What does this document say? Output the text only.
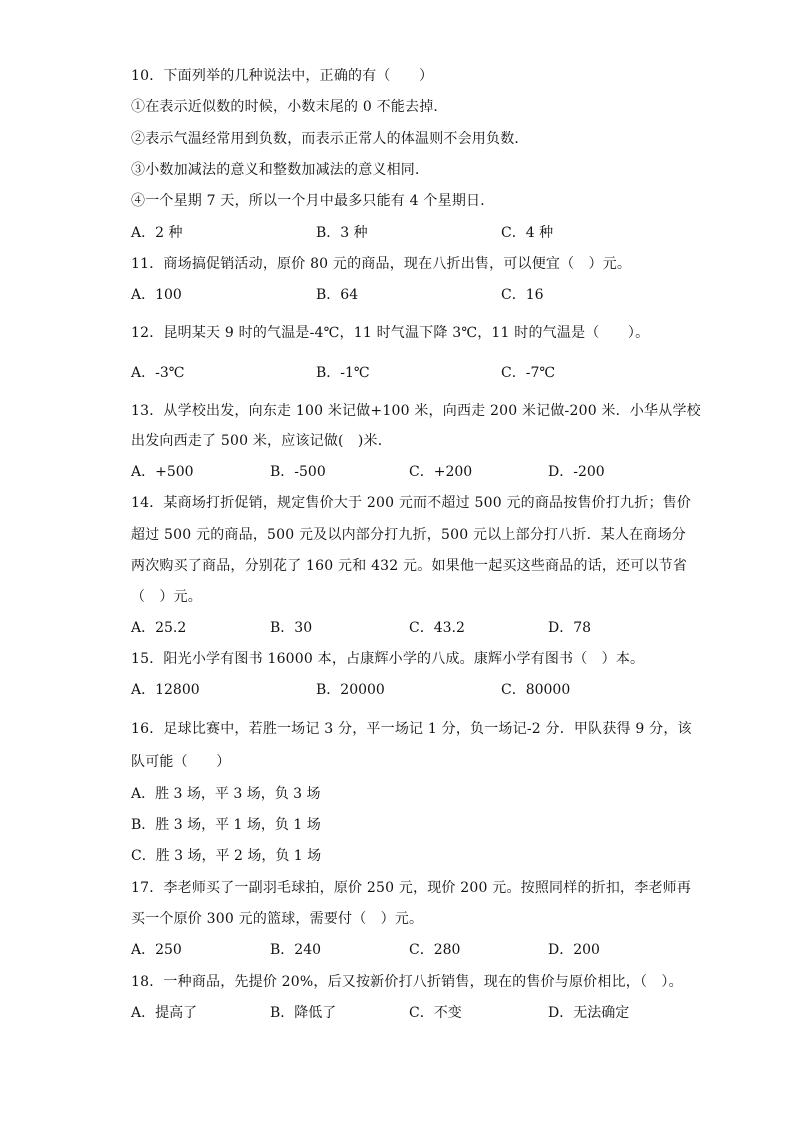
10．下面列举的几种说法中，正确的有（　　）
①在表示近似数的时候，小数末尾的 0 不能去掉．
②表示气温经常用到负数，而表示正常人的体温则不会用负数．
③小数加减法的意义和整数加减法的意义相同．
④一个星期 7 天，所以一个月中最多只能有 4 个星期日．
A．2 种	B．3 种	C．4 种
11．商场搞促销活动，原价 80 元的商品，现在八折出售，可以便宜（　）元。
A．100	B．64	C．16
12．昆明某天 9 时的气温是-4℃，11 时气温下降 3℃，11 时的气温是（　　）。
A．-3℃	B．-1℃	C．-7℃
13．从学校出发，向东走 100 米记做+100 米，向西走 200 米记做-200 米．小华从学校
出发向西走了 500 米，应该记做(　)米．
A．+500	B．-500	C．+200	D．-200
14．某商场打折促销，规定售价大于 200 元而不超过 500 元的商品按售价打九折；售价
超过 500 元的商品，500 元及以内部分打九折，500 元以上部分打八折．某人在商场分
两次购买了商品，分别花了 160 元和 432 元。如果他一起买这些商品的话，还可以节省
（　）元。
A．25.2	B．30	C．43.2	D．78
15．阳光小学有图书 16000 本，占康辉小学的八成。康辉小学有图书（　）本。
A．12800	B．20000	C．80000
16．足球比赛中，若胜一场记 3 分，平一场记 1 分，负一场记-2 分．甲队获得 9 分，该
队可能（　　）
A．胜 3 场，平 3 场，负 3 场
B．胜 3 场，平 1 场，负 1 场
C．胜 3 场，平 2 场，负 1 场
17．李老师买了一副羽毛球拍，原价 250 元，现价 200 元。按照同样的折扣，李老师再
买一个原价 300 元的篮球，需要付（　）元。
A．250	B．240	C．280	D．200
18．一种商品，先提价 20%，后又按新价打八折销售，现在的售价与原价相比，（　）。
A．提高了	B．降低了	C．不变	D．无法确定
